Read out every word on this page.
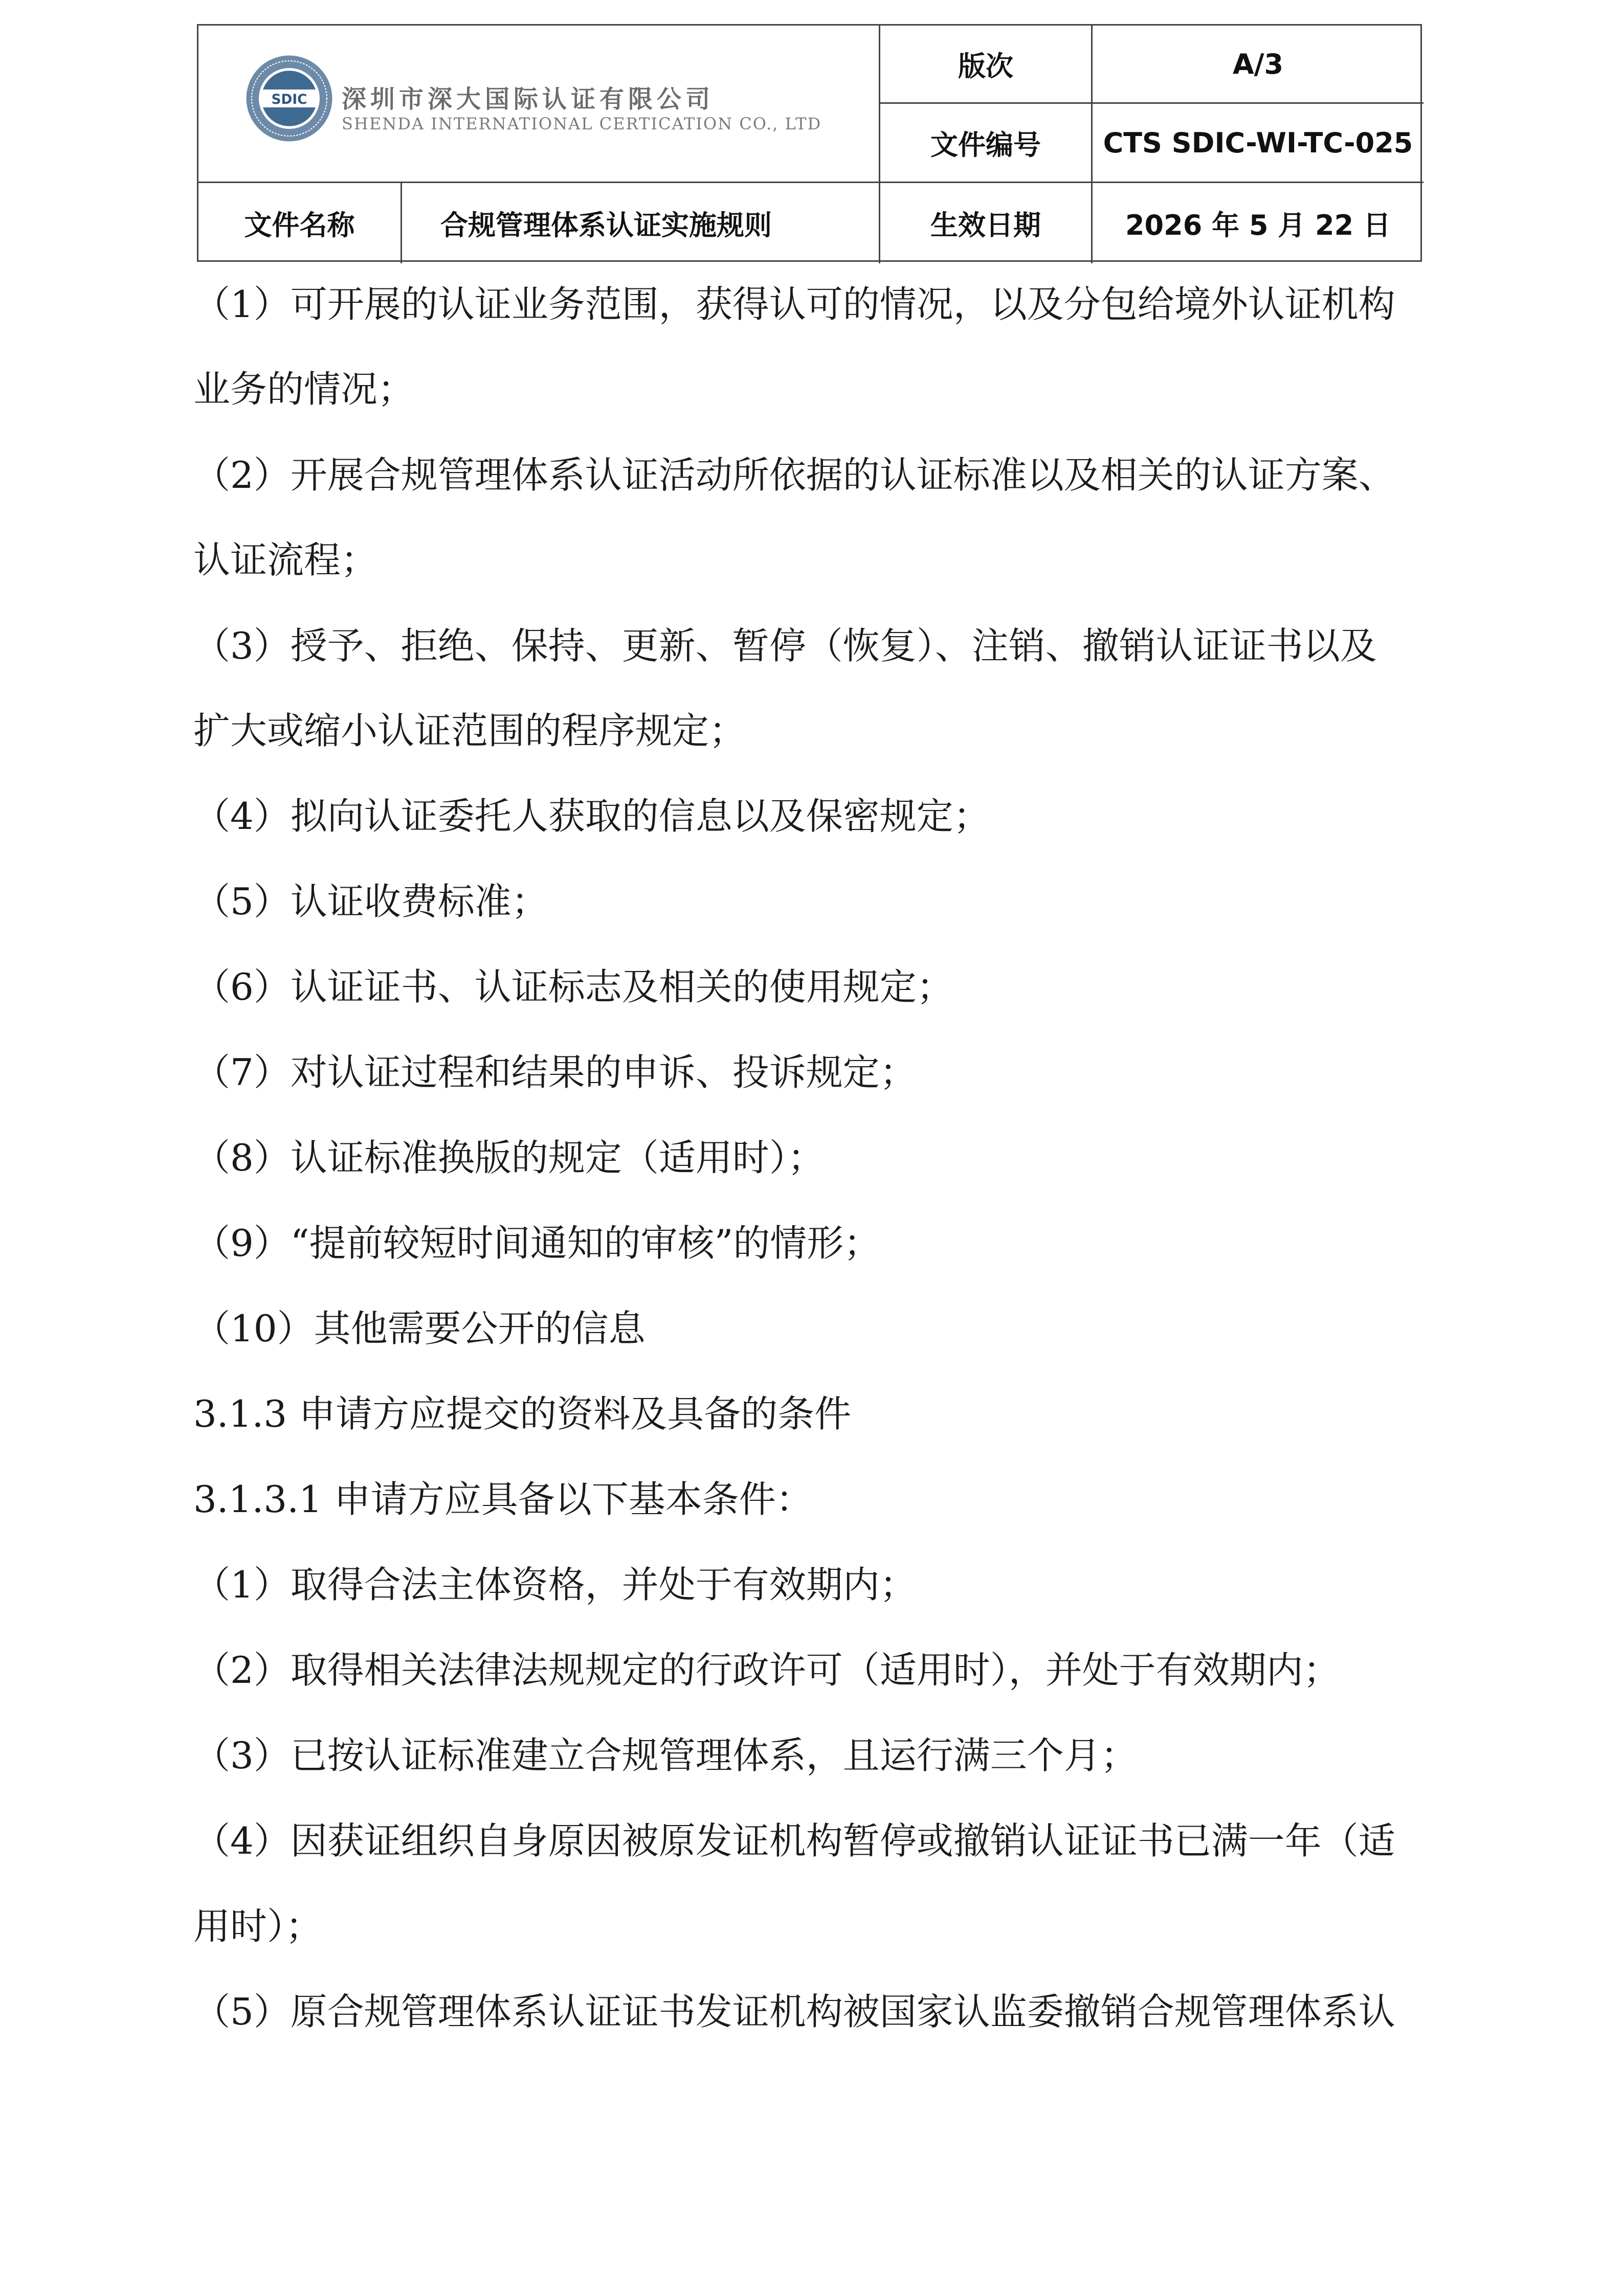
SDIC 深圳市深大国际认证有限公司
SHENDA INTERNATIONAL CERTICATION CO., LTD
版次	A/3
文件编号	CTS SDIC-WI-TC-025
文件名称	合规管理体系认证实施规则	生效日期	2026 年 5 月 22 日
（1）可开展的认证业务范围，获得认可的情况，以及分包给境外认证机构
业务的情况；
（2）开展合规管理体系认证活动所依据的认证标准以及相关的认证方案、
认证流程；
（3）授予、拒绝、保持、更新、暂停（恢复）、注销、撤销认证证书以及
扩大或缩小认证范围的程序规定；
（4）拟向认证委托人获取的信息以及保密规定；
（5）认证收费标准；
（6）认证证书、认证标志及相关的使用规定；
（7）对认证过程和结果的申诉、投诉规定；
（8）认证标准换版的规定（适用时）；
（9）“提前较短时间通知的审核”的情形；
（10）其他需要公开的信息
3.1.3 申请方应提交的资料及具备的条件
3.1.3.1 申请方应具备以下基本条件：
（1）取得合法主体资格，并处于有效期内；
（2）取得相关法律法规规定的行政许可（适用时），并处于有效期内；
（3）已按认证标准建立合规管理体系，且运行满三个月；
（4）因获证组织自身原因被原发证机构暂停或撤销认证证书已满一年（适
用时）；
（5）原合规管理体系认证证书发证机构被国家认监委撤销合规管理体系认
